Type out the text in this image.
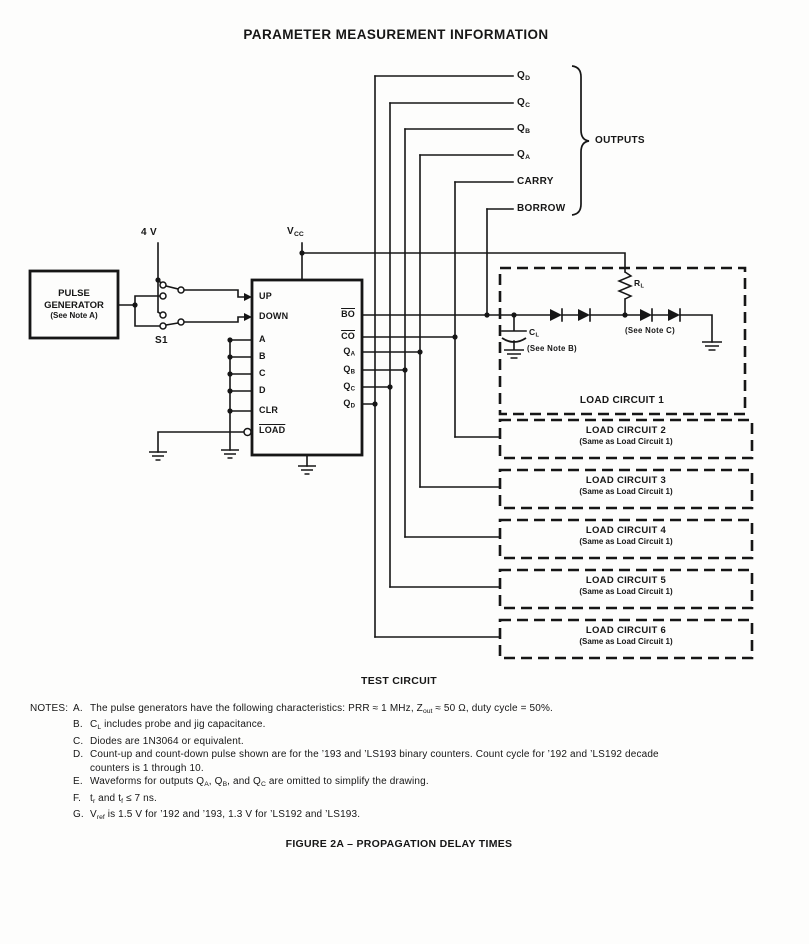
PARAMETER MEASUREMENT INFORMATION
$Q_D$
$Q_C$
$Q_B$
$Q_A$
CARRY
BORROW
OUTPUTS
4 V	$V_{CC}$
S1
PULSE
GENERATOR
(See Note A)
UP
DOWN
A
B
C
D
CLR
LOAD
$\overline{BO}$
$\overline{CO}$
$Q_A$
$Q_B$
$Q_C$
$Q_D$
$R_L$
$C_L$
(See Note B)
(See Note C)
LOAD CIRCUIT 1
LOAD CIRCUIT 2
(Same as Load Circuit 1)
LOAD CIRCUIT 3
(Same as Load Circuit 1)
LOAD CIRCUIT 4
(Same as Load Circuit 1)
LOAD CIRCUIT 5
(Same as Load Circuit 1)
LOAD CIRCUIT 6
(Same as Load Circuit 1)
TEST CIRCUIT
NOTES: A. The pulse generators have the following characteristics: PRR ≈ 1 MHz, $Z_{out} \approx 50$ Ω, duty cycle = 50%.
B. $C_L$ includes probe and jig capacitance.
C. Diodes are 1N3064 or equivalent.
D. Count-up and count-down pulse shown are for the ’193 and ’LS193 binary counters. Count cycle for ’192 and ’LS192 decade
counters is 1 through 10.
E. Waveforms for outputs $Q_A$, $Q_B$, and $Q_C$ are omitted to simplify the drawing.
F. $t_r$ and $t_f \le 7$ ns.
G. $V_{ref}$ is 1.5 V for ’192 and ’193, 1.3 V for ’LS192 and ’LS193.
FIGURE 2A – PROPAGATION DELAY TIMES
